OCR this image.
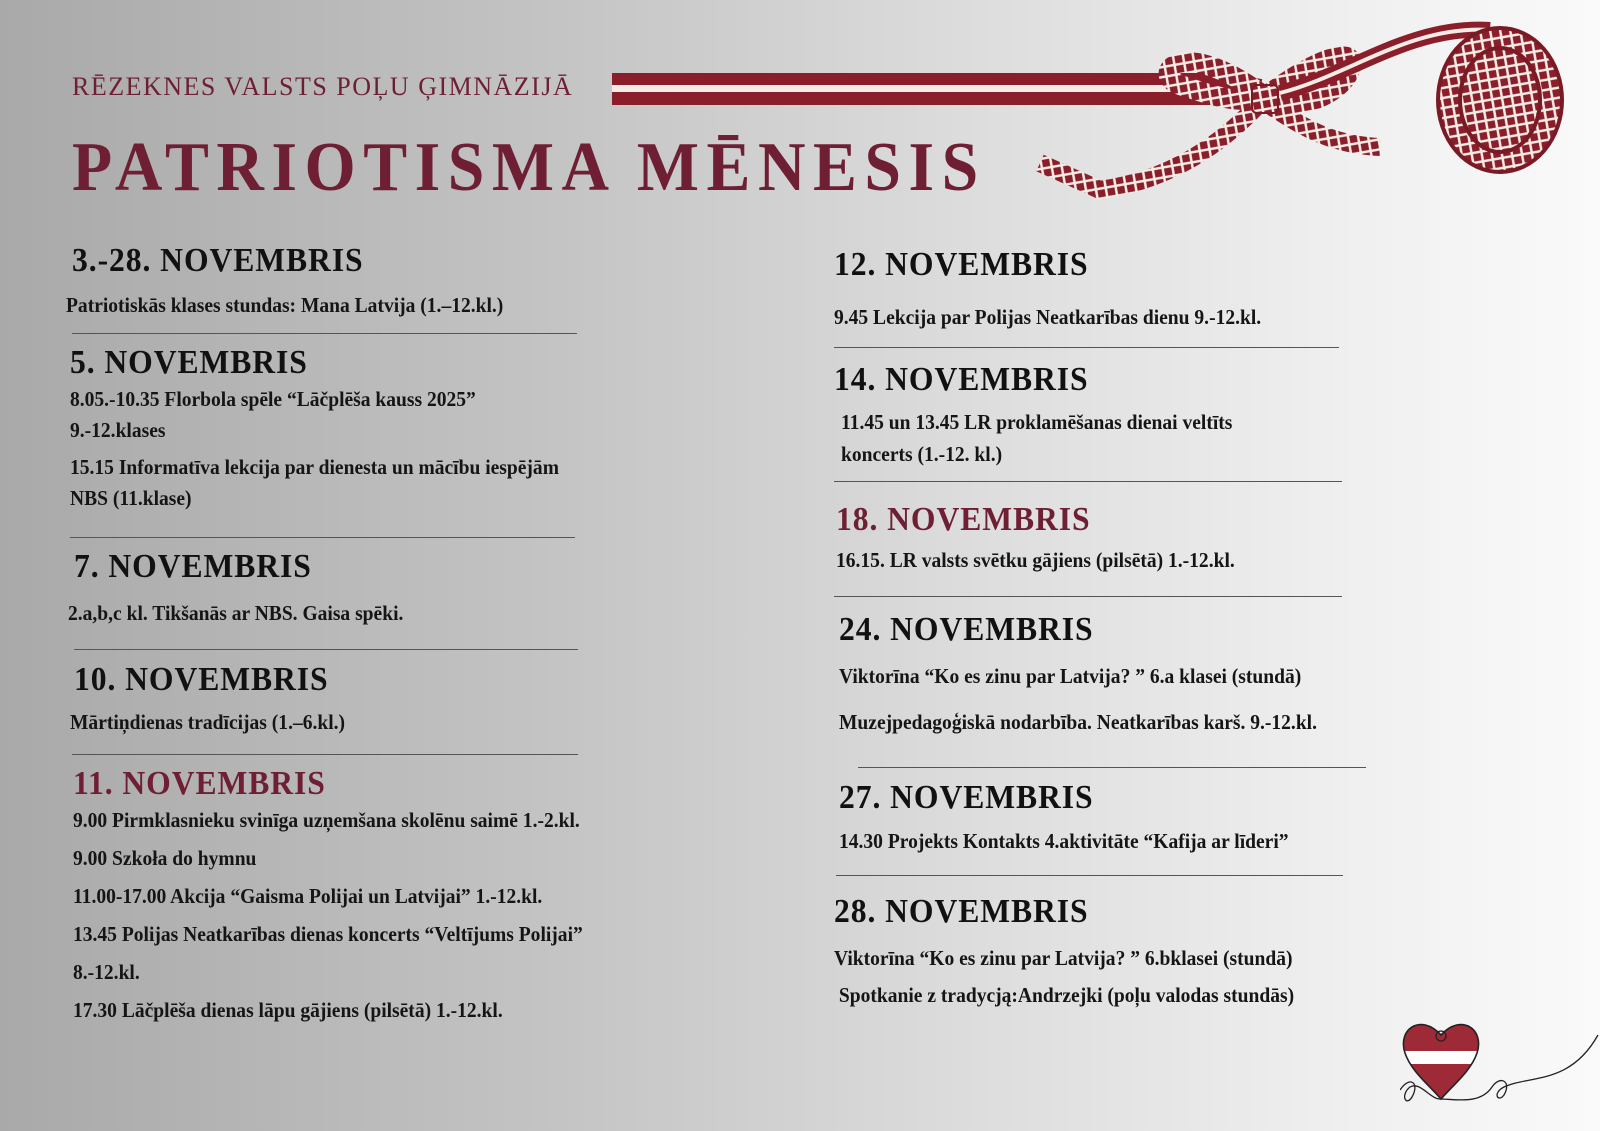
RĒZEKNES VALSTS POĻU ĢIMNĀZIJĀ
PATRIOTISMA MĒNESIS
3.-28. NOVEMBRIS
Patriotiskās klases stundas: Mana Latvija (1.–12.kl.)
5. NOVEMBRIS
8.05.-10.35 Florbola spēle “Lāčplēša kauss 2025”
9.-12.klases
15.15 Informatīva lekcija par dienesta un mācību iespējām
NBS (11.klase)
7. NOVEMBRIS
2.a,b,c kl. Tikšanās ar NBS. Gaisa spēki.
10. NOVEMBRIS
Mārtiņdienas tradīcijas (1.–6.kl.)
11. NOVEMBRIS
9.00 Pirmklasnieku svinīga uzņemšana skolēnu saimē 1.-2.kl.
9.00 Szkoła do hymnu
11.00-17.00 Akcija “Gaisma Polijai un Latvijai” 1.-12.kl.
13.45 Polijas Neatkarības dienas koncerts “Veltījums Polijai”
8.-12.kl.
17.30 Lāčplēša dienas lāpu gājiens (pilsētā) 1.-12.kl.
12. NOVEMBRIS
9.45 Lekcija par Polijas Neatkarības dienu 9.-12.kl.
14. NOVEMBRIS
11.45 un 13.45 LR proklamēšanas dienai veltīts
koncerts (1.-12. kl.)
18. NOVEMBRIS
16.15. LR valsts svētku gājiens (pilsētā) 1.-12.kl.
24. NOVEMBRIS
Viktorīna “Ko es zinu par Latvija? ” 6.a klasei (stundā)
Muzejpedagoģiskā nodarbība. Neatkarības karš. 9.-12.kl.
27. NOVEMBRIS
14.30 Projekts Kontakts 4.aktivitāte “Kafija ar līderi”
28. NOVEMBRIS
Viktorīna “Ko es zinu par Latvija? ” 6.bklasei (stundā)
Spotkanie z tradycją:Andrzejki (poļu valodas stundās)
